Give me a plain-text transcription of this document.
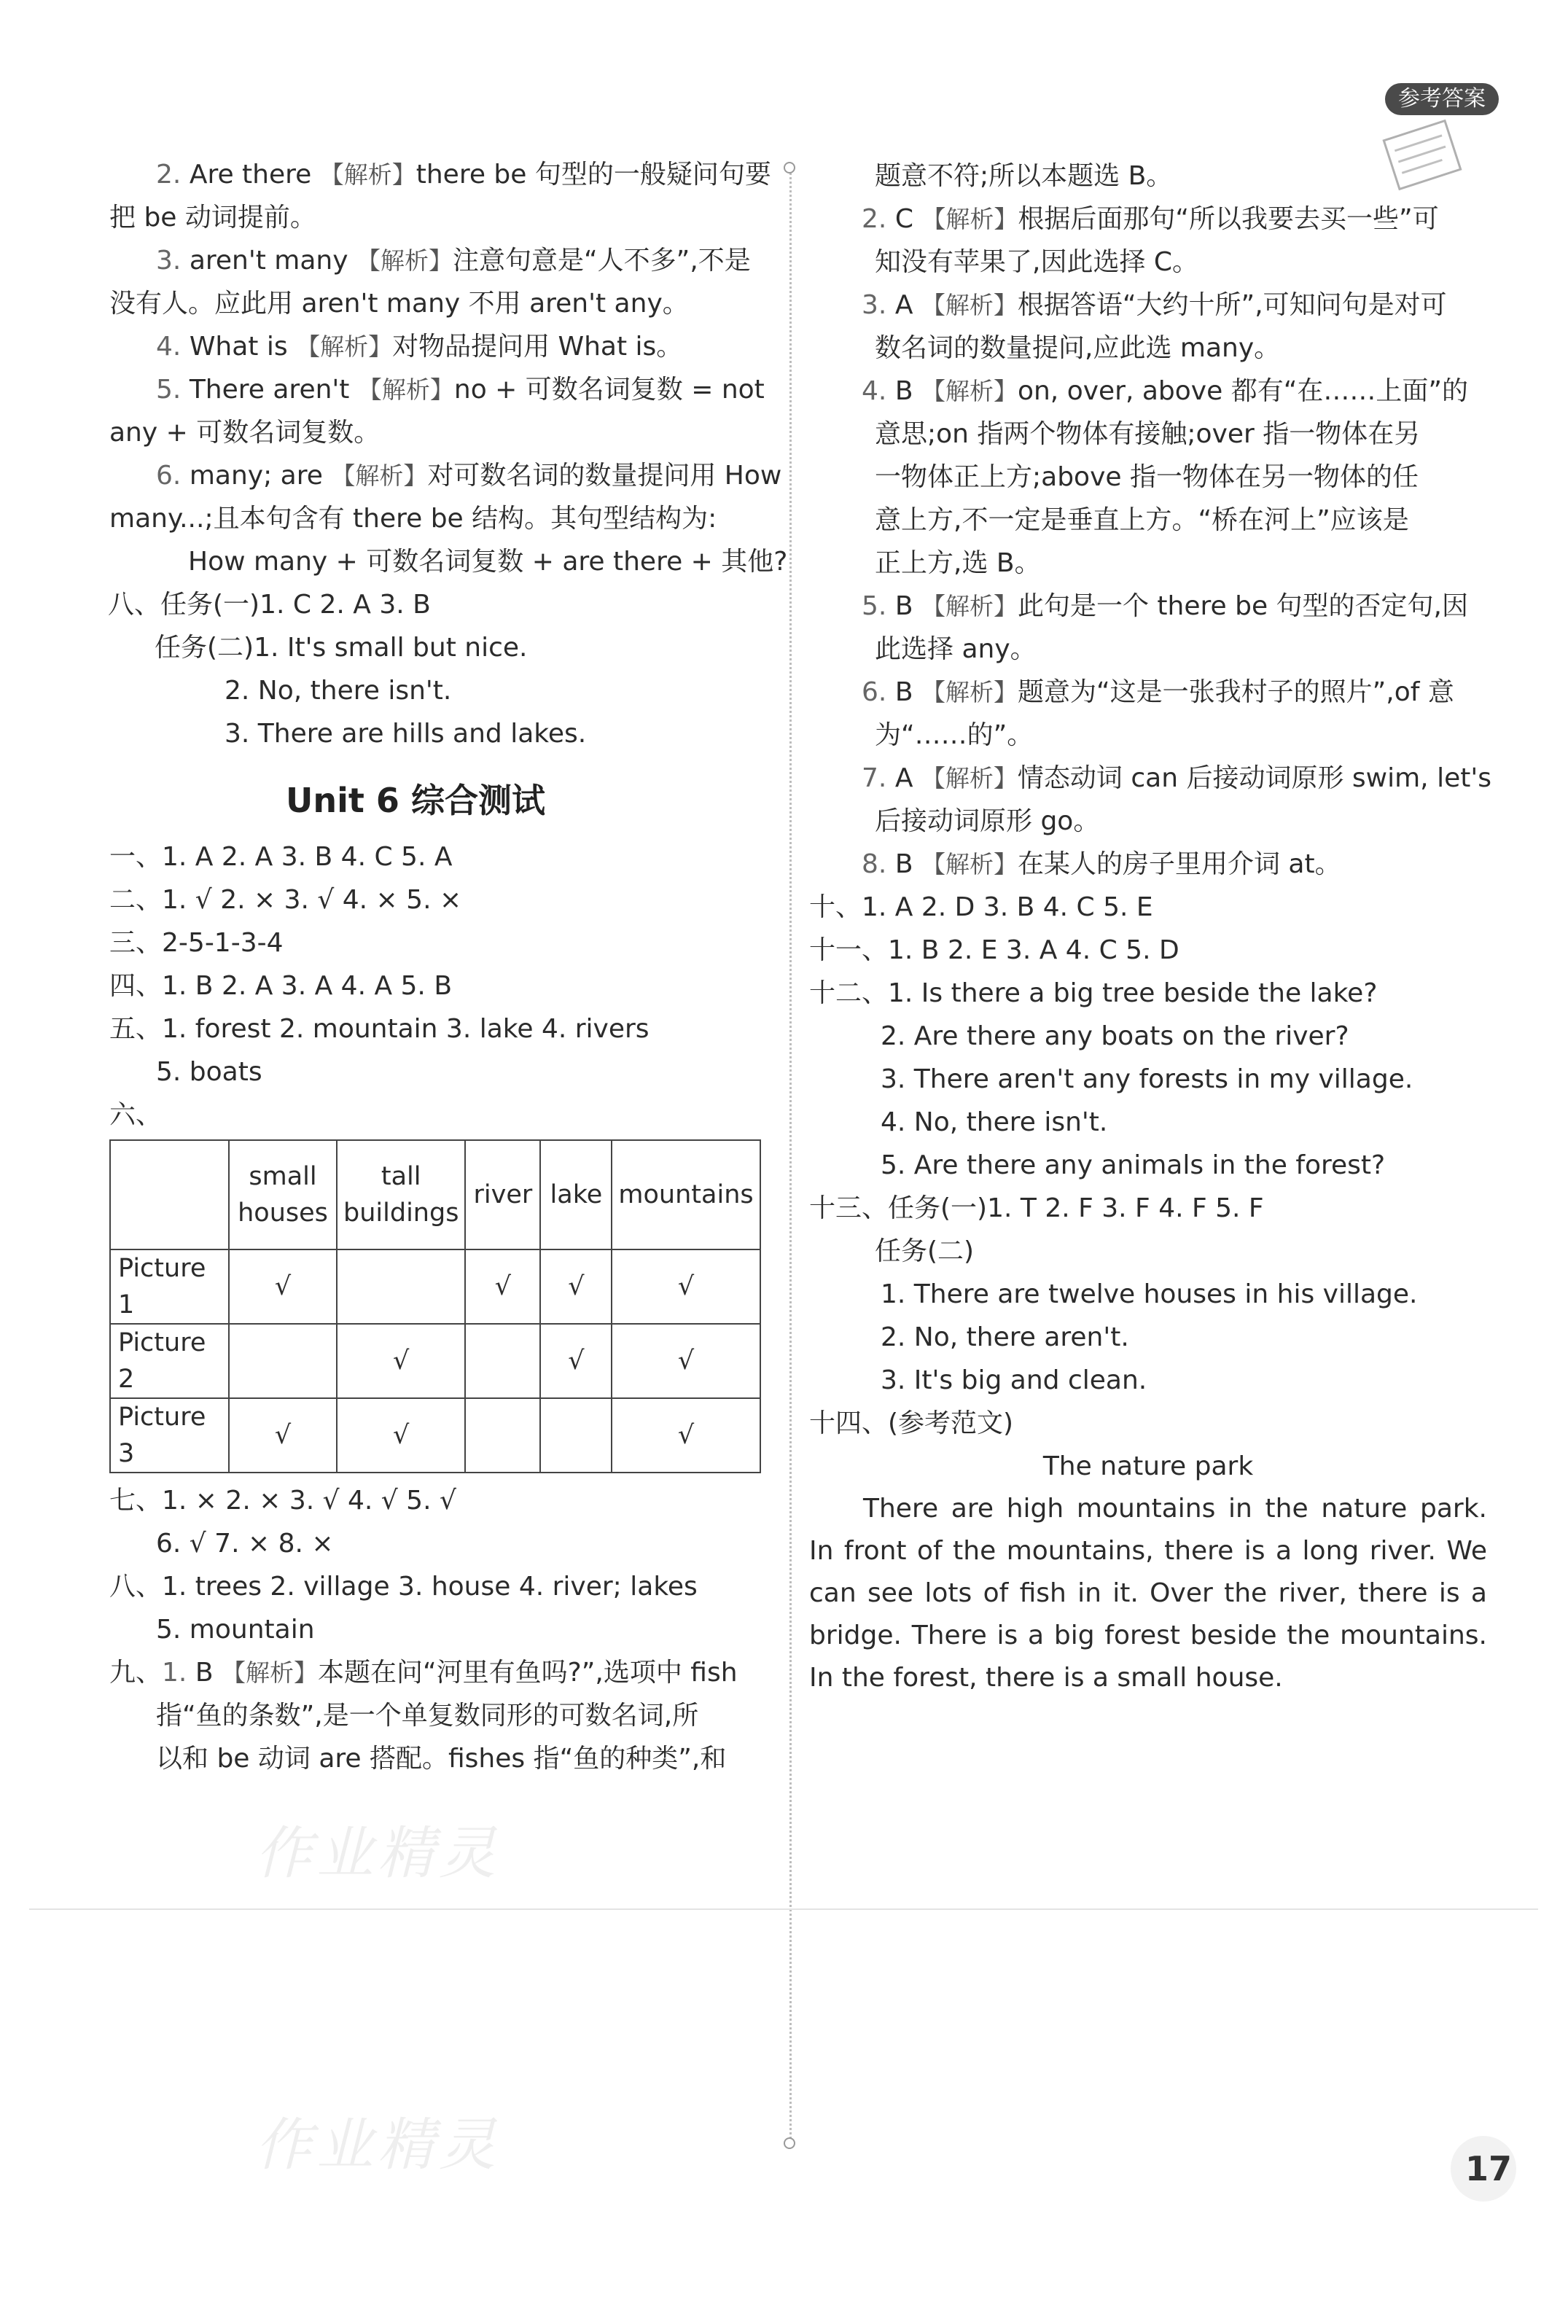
参考答案
作业精灵
作业精灵
2. Are there 【解析】there be 句型的一般疑问句要
把 be 动词提前。
3. aren't many 【解析】注意句意是“人不多”,不是
没有人。应此用 aren't many 不用 aren't any。
4. What is 【解析】对物品提问用 What is。
5. There aren't 【解析】no + 可数名词复数 = not
any + 可数名词复数。
6. many; are 【解析】对可数名词的数量提问用 How
many...;且本句含有 there be 结构。其句型结构为:
How many + 可数名词复数 + are there + 其他?
八、任务(一)1. C 2. A 3. B
任务(二)1. It's small but nice.
2. No, there isn't.
3. There are hills and lakes.
Unit 6 综合测试
一、1. A 2. A 3. B 4. C 5. A
二、1. √ 2. × 3. √ 4. × 5. ×
三、2-5-1-3-4
四、1. B 2. A 3. A 4. A 5. B
五、1. forest 2. mountain 3. lake 4. rivers
5. boats
六、
	small houses	tall buildings	river	lake	mountains
Picture 1	√		√	√	√
Picture 2		√		√	√
Picture 3	√	√			√
七、1. × 2. × 3. √ 4. √ 5. √
6. √ 7. × 8. ×
八、1. trees 2. village 3. house 4. river; lakes
5. mountain
九、1. B 【解析】本题在问“河里有鱼吗?”,选项中 fish
指“鱼的条数”,是一个单复数同形的可数名词,所
以和 be 动词 are 搭配。fishes 指“鱼的种类”,和
题意不符;所以本题选 B。
2. C 【解析】根据后面那句“所以我要去买一些”可
知没有苹果了,因此选择 C。
3. A 【解析】根据答语“大约十所”,可知问句是对可
数名词的数量提问,应此选 many。
4. B 【解析】on, over, above 都有“在……上面”的
意思;on 指两个物体有接触;over 指一物体在另
一物体正上方;above 指一物体在另一物体的任
意上方,不一定是垂直上方。“桥在河上”应该是
正上方,选 B。
5. B 【解析】此句是一个 there be 句型的否定句,因
此选择 any。
6. B 【解析】题意为“这是一张我村子的照片”,of 意
为“……的”。
7. A 【解析】情态动词 can 后接动词原形 swim, let's
后接动词原形 go。
8. B 【解析】在某人的房子里用介词 at。
十、1. A 2. D 3. B 4. C 5. E
十一、1. B 2. E 3. A 4. C 5. D
十二、1. Is there a big tree beside the lake?
2. Are there any boats on the river?
3. There aren't any forests in my village.
4. No, there isn't.
5. Are there any animals in the forest?
十三、任务(一)1. T 2. F 3. F 4. F 5. F
任务(二)
1. There are twelve houses in his village.
2. No, there aren't.
3. It's big and clean.
十四、(参考范文)
The nature park
There are high mountains in the nature park. In front of the mountains, there is a long river. We can see lots of fish in it. Over the river, there is a bridge. There is a big forest beside the mountains. In the forest, there is a small house.
17
